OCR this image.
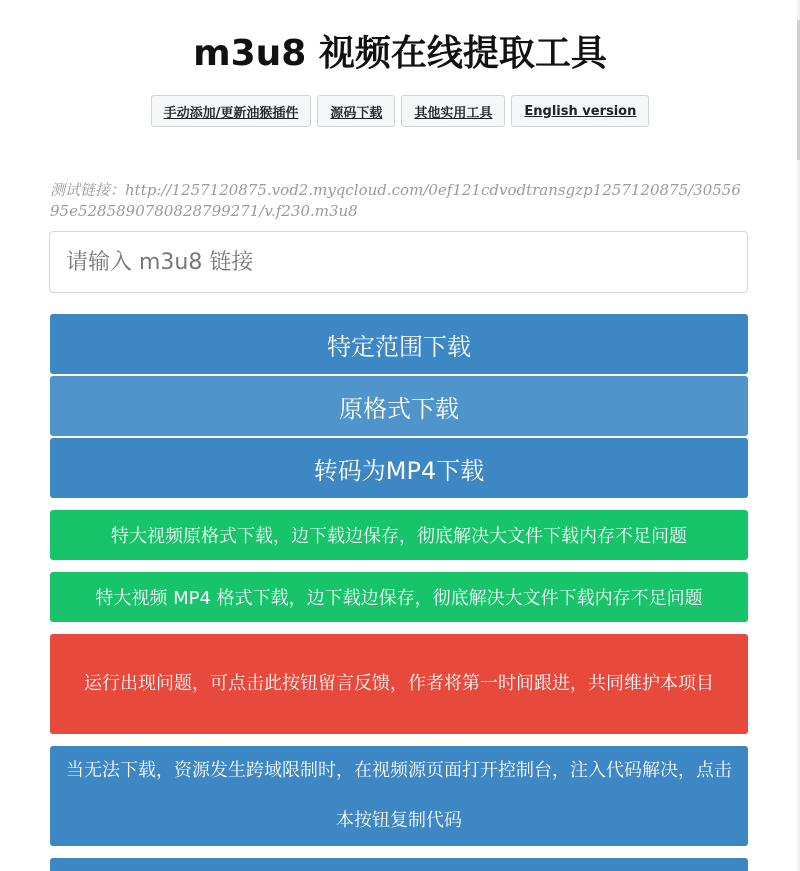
m3u8 视频在线提取工具
手动添加/更新油猴插件	源码下载	其他实用工具	English version

测试链接：http://1257120875.vod2.myqcloud.com/0ef121cdvodtransgzp1257120875/3055695e5285890780828799271/v.f230.m3u8

请输入 m3u8 链接
特定范围下载
原格式下载
转码为MP4下载
特大视频原格式下载，边下载边保存，彻底解决大文件下载内存不足问题
特大视频 MP4 格式下载，边下载边保存，彻底解决大文件下载内存不足问题
运行出现问题，可点击此按钮留言反馈，作者将第一时间跟进，共同维护本项目
当无法下载，资源发生跨域限制时，在视频源页面打开控制台，注入代码解决，点击本按钮复制代码
